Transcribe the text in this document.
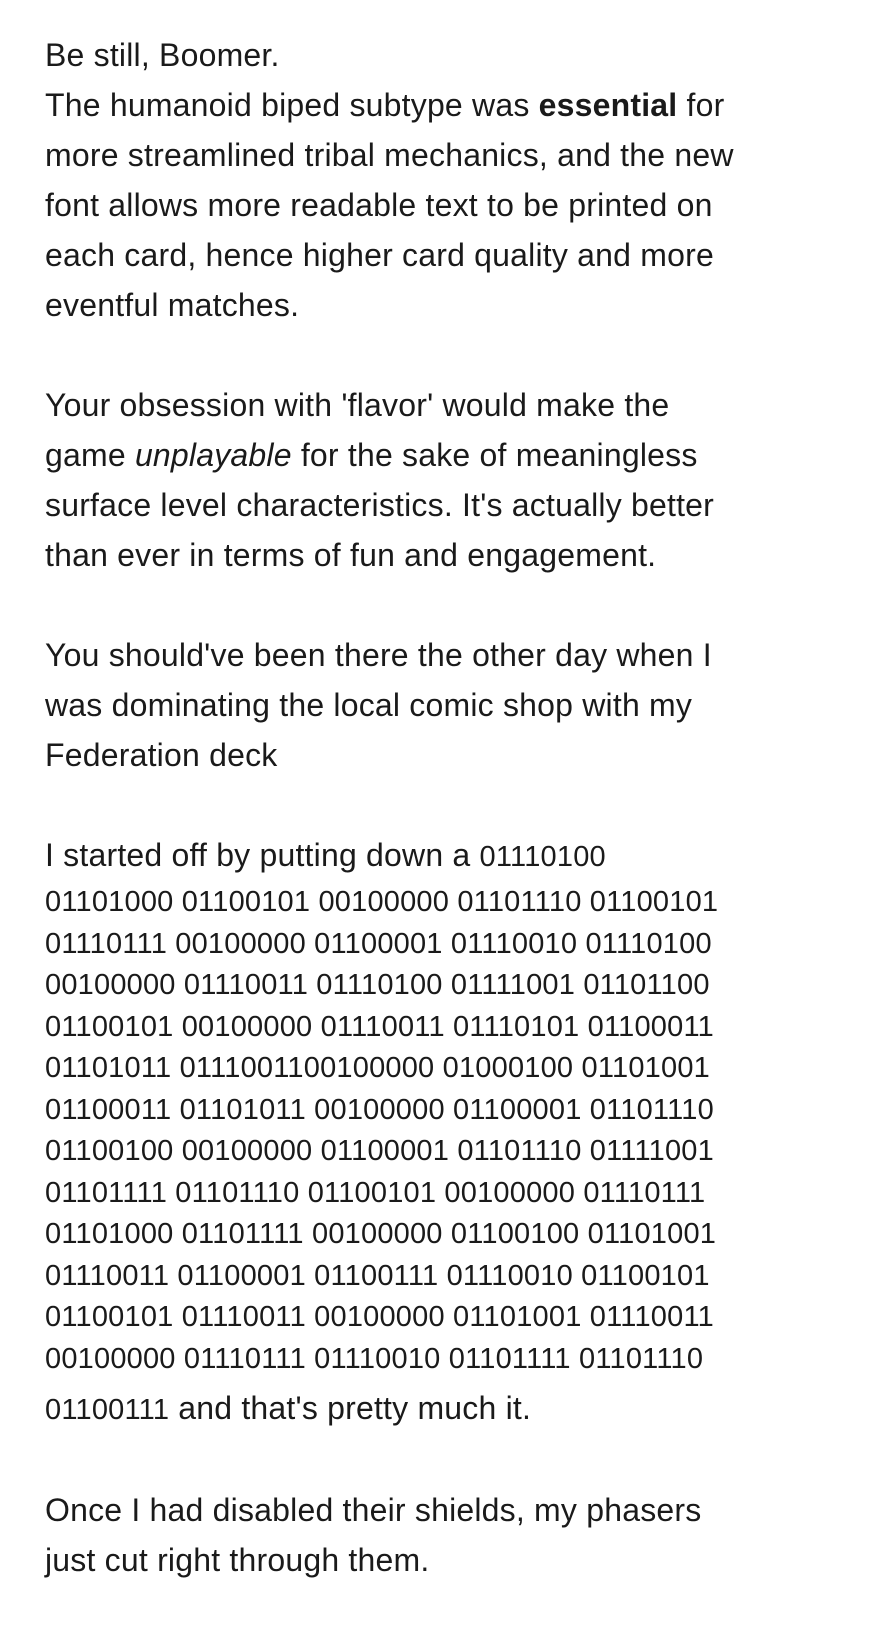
Be still, Boomer.
The humanoid biped subtype was essential for
more streamlined tribal mechanics, and the new
font allows more readable text to be printed on
each card, hence higher card quality and more
eventful matches.
Your obsession with 'flavor' would make the
game unplayable for the sake of meaningless
surface level characteristics. It's actually better
than ever in terms of fun and engagement.
You should've been there the other day when I
was dominating the local comic shop with my
Federation deck
I started off by putting down a 01110100
01101000 01100101 00100000 01101110 01100101
01110111 00100000 01100001 01110010 01110100
00100000 01110011 01110100 01111001 01101100
01100101 00100000 01110011 01110101 01100011
01101011 0111001100100000 01000100 01101001
01100011 01101011 00100000 01100001 01101110
01100100 00100000 01100001 01101110 01111001
01101111 01101110 01100101 00100000 01110111
01101000 01101111 00100000 01100100 01101001
01110011 01100001 01100111 01110010 01100101
01100101 01110011 00100000 01101001 01110011
00100000 01110111 01110010 01101111 01101110
01100111 and that's pretty much it.
Once I had disabled their shields, my phasers
just cut right through them.
